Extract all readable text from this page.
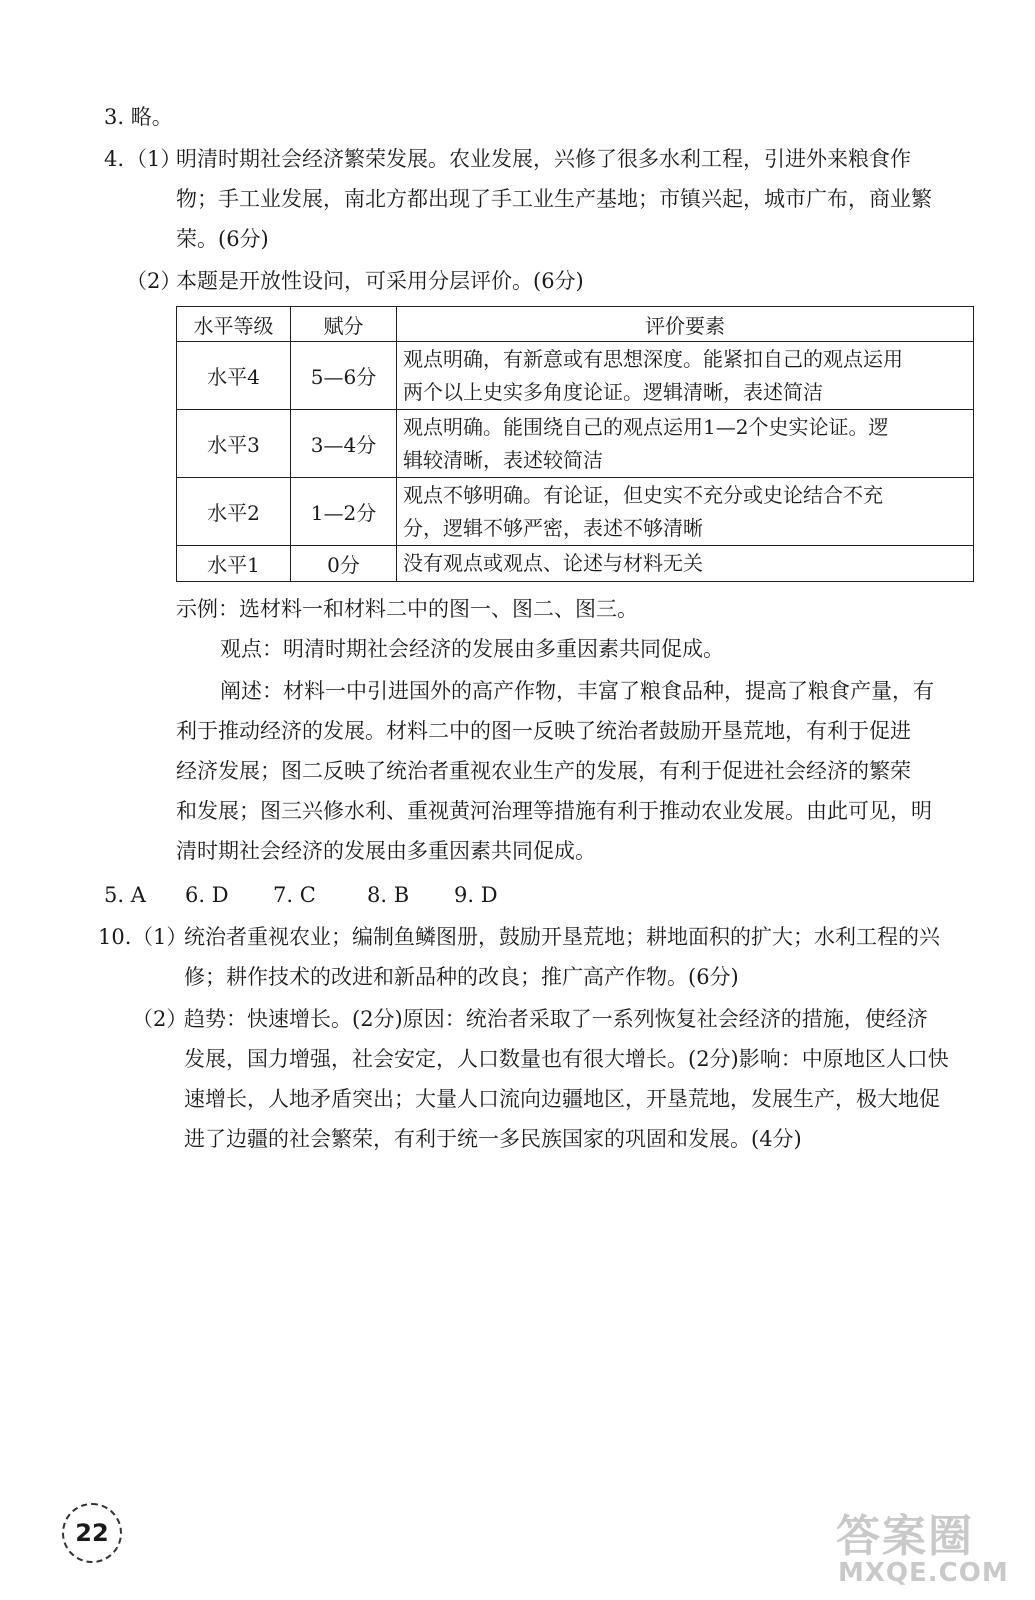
3. 略。
4. （1）
明清时期社会经济繁荣发展。农业发展，兴修了很多水利工程，引进外来粮食作
物；手工业发展，南北方都出现了手工业生产基地；市镇兴起，城市广布，商业繁
荣。(6分)
（2）
本题是开放性设问，可采用分层评价。(6分)
水平等级	赋分	评价要素
水平4	5—6分	观点明确，有新意或有思想深度。能紧扣自己的观点运用
两个以上史实多角度论证。逻辑清晰，表述简洁

水平3	3—4分	观点明确。能围绕自己的观点运用1—2个史实论证。逻
辑较清晰，表述较简洁

水平2	1—2分	观点不够明确。有论证，但史实不充分或史论结合不充
分，逻辑不够严密，表述不够清晰

水平1	0分	没有观点或观点、论述与材料无关
示例：选材料一和材料二中的图一、图二、图三。
观点：明清时期社会经济的发展由多重因素共同促成。
阐述：材料一中引进国外的高产作物，丰富了粮食品种，提高了粮食产量，有
利于推动经济的发展。材料二中的图一反映了统治者鼓励开垦荒地，有利于促进
经济发展；图二反映了统治者重视农业生产的发展，有利于促进社会经济的繁荣
和发展；图三兴修水利、重视黄河治理等措施有利于推动农业发展。由此可见，明
清时期社会经济的发展由多重因素共同促成。
5. A 6. D 7. C 8. B 9. D
10. （1）
统治者重视农业；编制鱼鳞图册，鼓励开垦荒地；耕地面积的扩大；水利工程的兴
修；耕作技术的改进和新品种的改良；推广高产作物。(6分)
（2）
趋势：快速增长。(2分)原因：统治者采取了一系列恢复社会经济的措施，使经济
发展，国力增强，社会安定，人口数量也有很大增长。(2分)影响：中原地区人口快
速增长，人地矛盾突出；大量人口流向边疆地区，开垦荒地，发展生产，极大地促
进了边疆的社会繁荣，有利于统一多民族国家的巩固和发展。(4分)
22	答案圈
MXQE.COM
